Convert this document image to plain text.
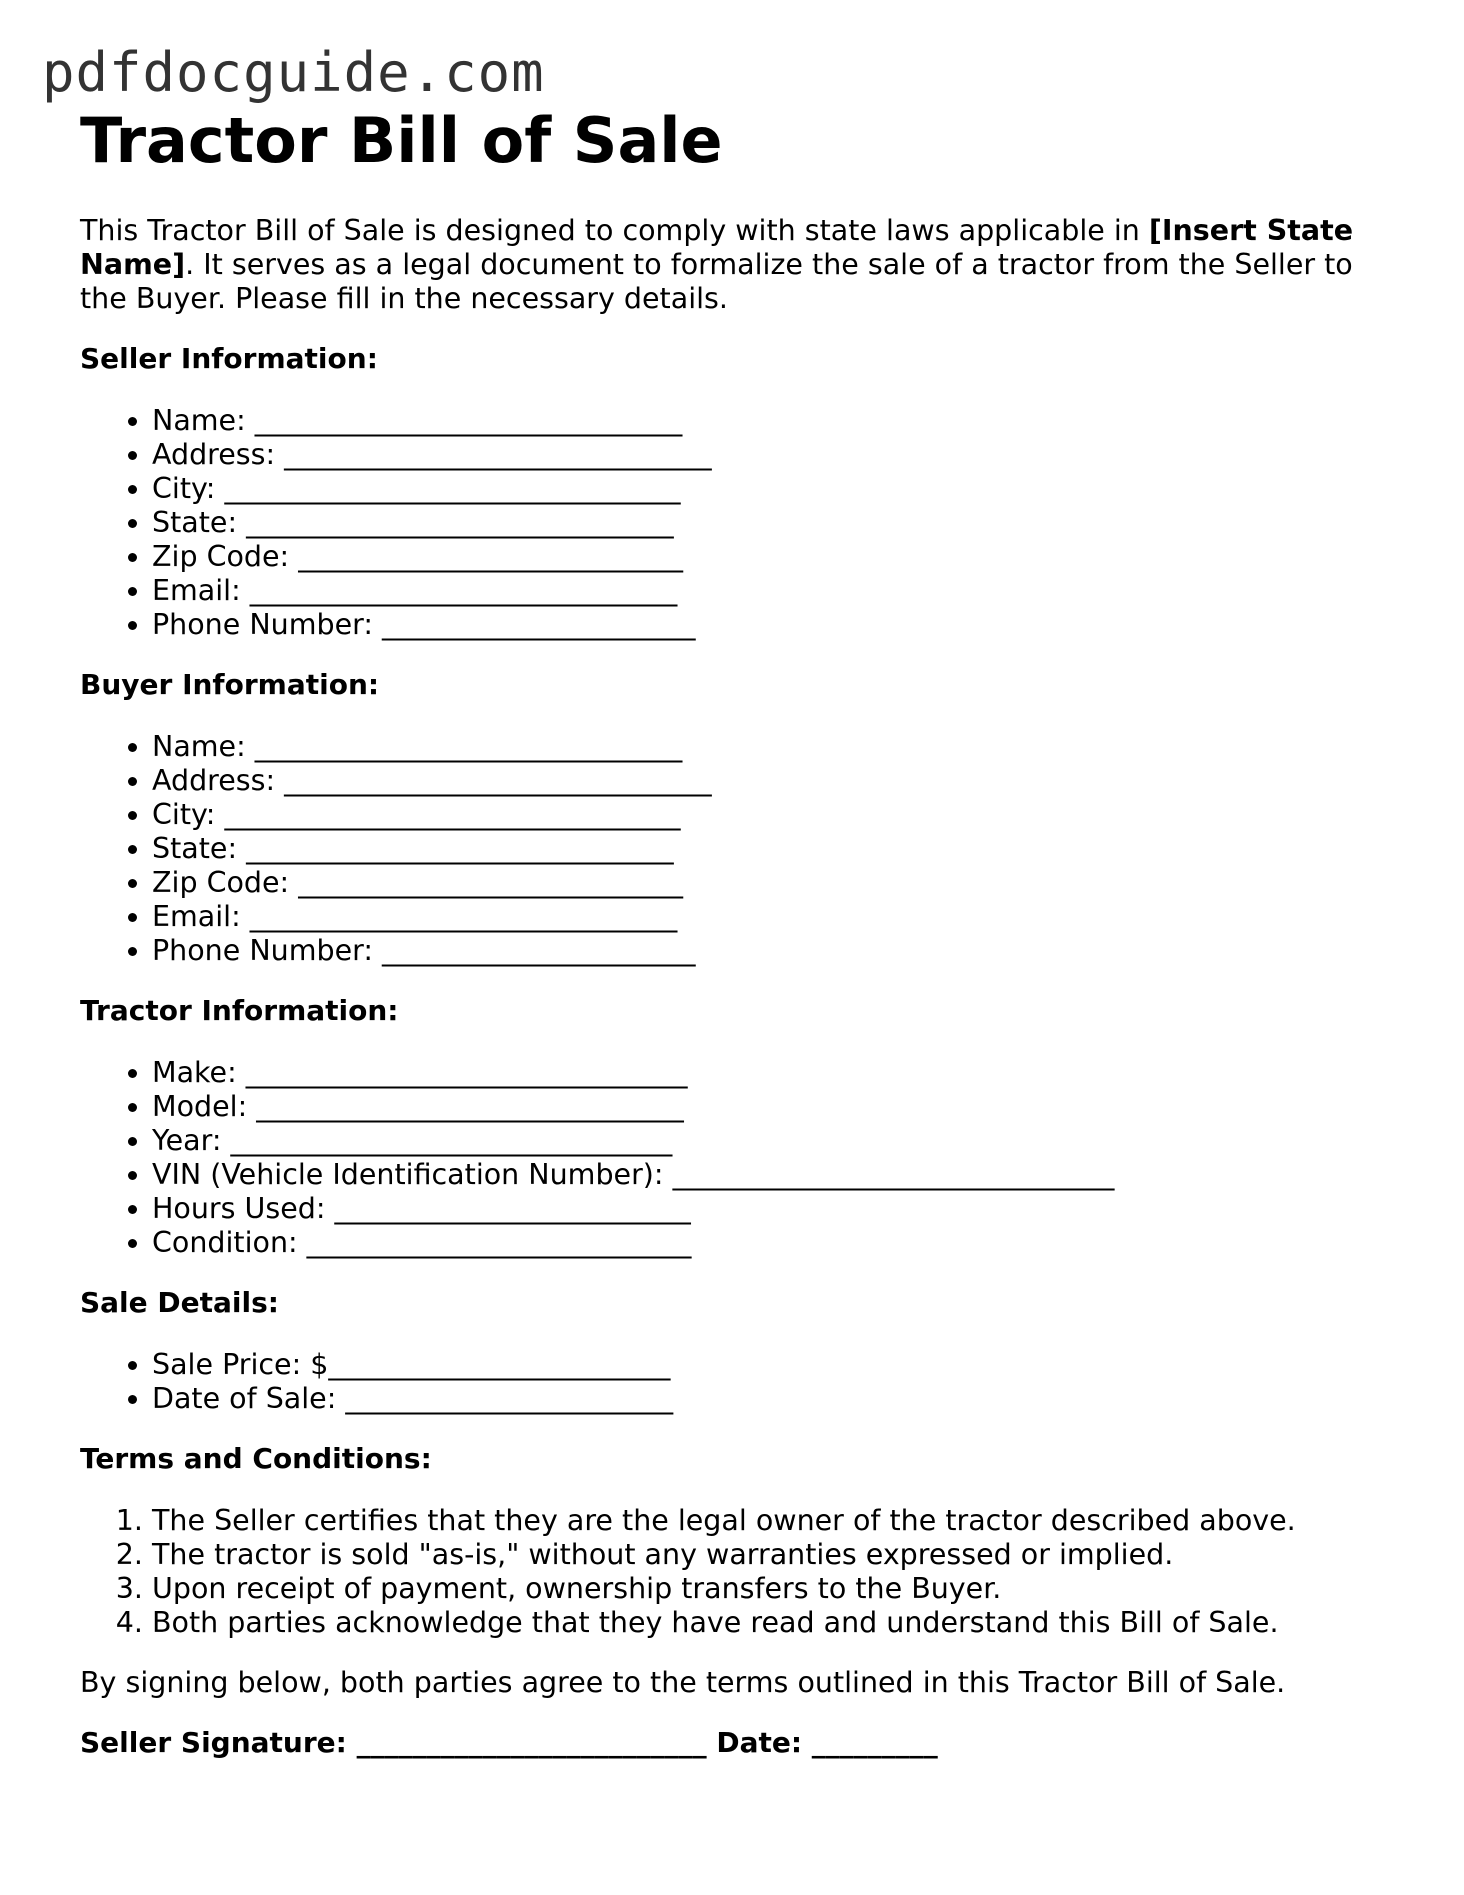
pdfdocguide.com
Tractor Bill of Sale

This Tractor Bill of Sale is designed to comply with state laws applicable in [Insert State Name]. It serves as a legal document to formalize the sale of a tractor from the Seller to the Buyer. Please fill in the necessary details.

Seller Information:
• Name: ______________________________
• Address: ______________________________
• City: ________________________________
• State: ______________________________
• Zip Code: ___________________________
• Email: ______________________________
• Phone Number: ______________________
Buyer Information:
• Name: ______________________________
• Address: ______________________________
• City: ________________________________
• State: ______________________________
• Zip Code: ___________________________
• Email: ______________________________
• Phone Number: ______________________
Tractor Information:
• Make: _______________________________
• Model: ______________________________
• Year: _______________________________
• VIN (Vehicle Identification Number): _______________________________
• Hours Used: _________________________
• Condition: ___________________________
Sale Details:
• Sale Price: $________________________
• Date of Sale: _______________________
Terms and Conditions:
1. The Seller certifies that they are the legal owner of the tractor described above.
2. The tractor is sold "as-is," without any warranties expressed or implied.
3. Upon receipt of payment, ownership transfers to the Buyer.
4. Both parties acknowledge that they have read and understand this Bill of Sale.

By signing below, both parties agree to the terms outlined in this Tractor Bill of Sale.

Seller Signature: _________________________ Date: _________
